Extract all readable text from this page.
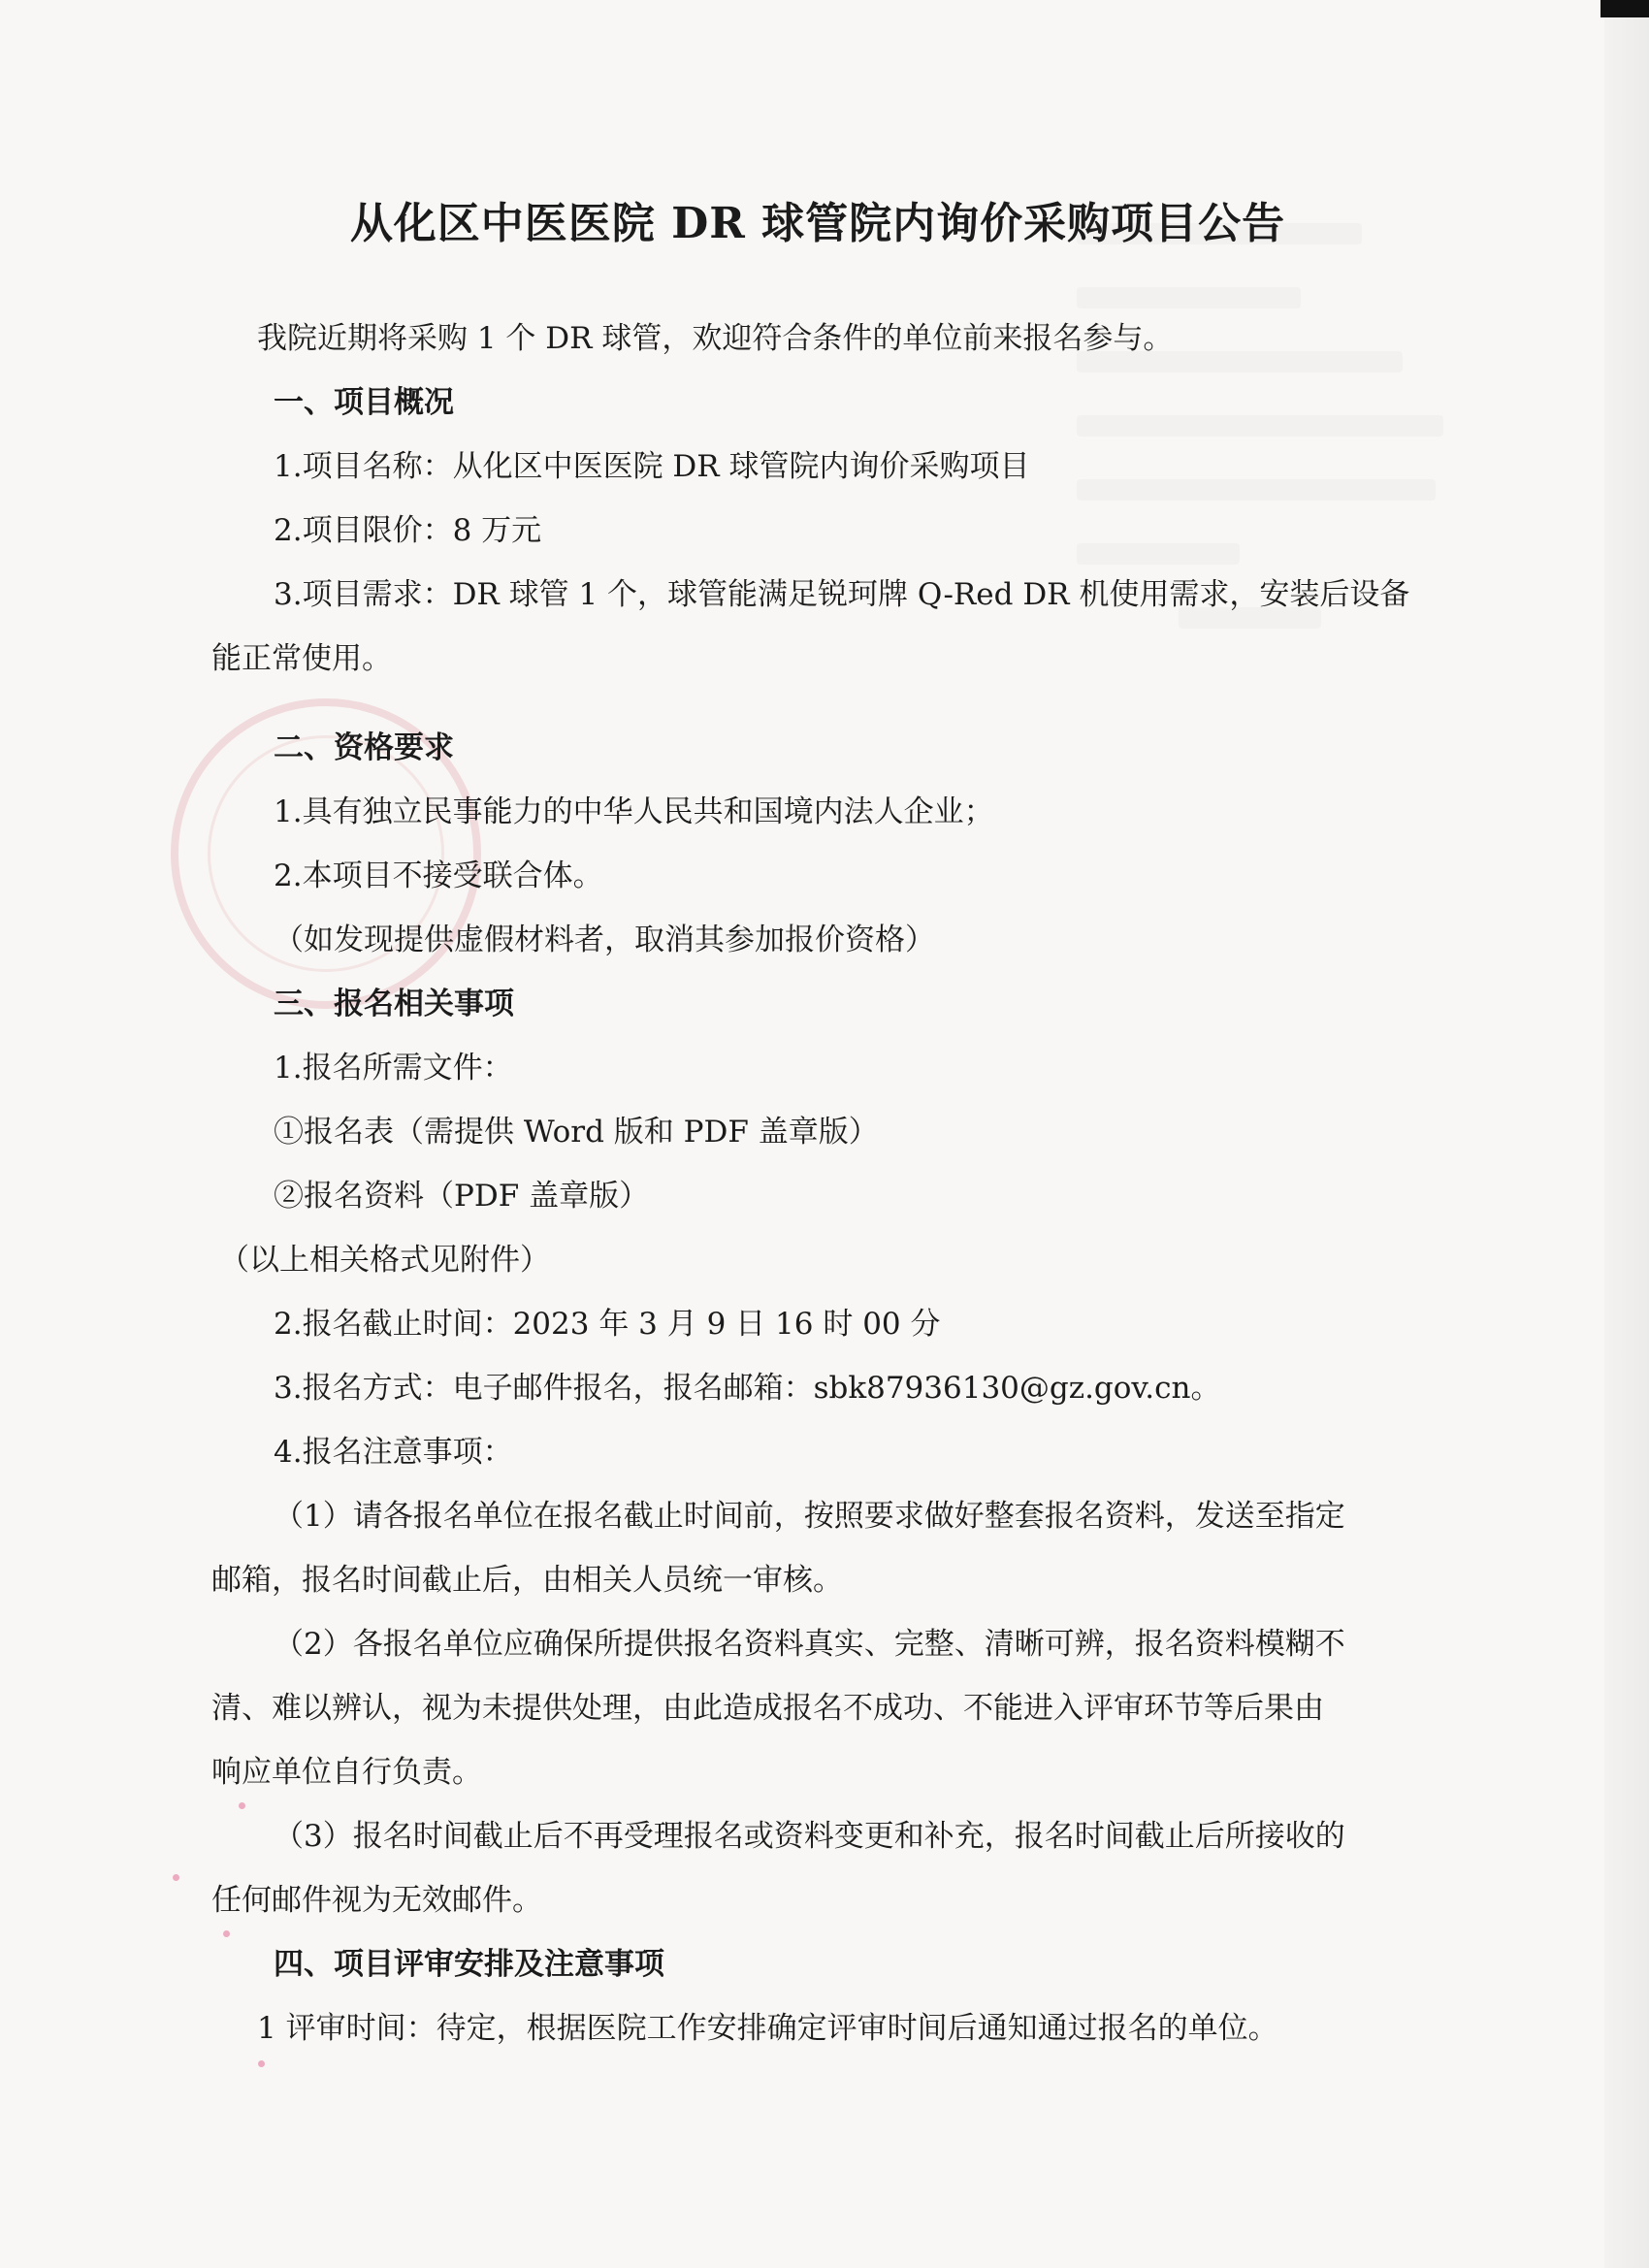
从化区中医医院 DR 球管院内询价采购项目公告

我院近期将采购 1 个 DR 球管，欢迎符合条件的单位前来报名参与。

一、项目概况

1.项目名称：从化区中医医院 DR 球管院内询价采购项目

2.项目限价：8 万元

3.项目需求：DR 球管 1 个，球管能满足锐珂牌 Q-Red DR 机使用需求，安装后设备

能正常使用。

二、资格要求

1.具有独立民事能力的中华人民共和国境内法人企业；

2.本项目不接受联合体。

（如发现提供虚假材料者，取消其参加报价资格）

三、报名相关事项

1.报名所需文件：

①报名表（需提供 Word 版和 PDF 盖章版）

②报名资料（PDF 盖章版）

（以上相关格式见附件）

2.报名截止时间：2023 年 3 月 9 日 16 时 00 分

3.报名方式：电子邮件报名，报名邮箱：sbk87936130@gz.gov.cn。

4.报名注意事项：

（1）请各报名单位在报名截止时间前，按照要求做好整套报名资料，发送至指定

邮箱，报名时间截止后，由相关人员统一审核。

（2）各报名单位应确保所提供报名资料真实、完整、清晰可辨，报名资料模糊不

清、难以辨认，视为未提供处理，由此造成报名不成功、不能进入评审环节等后果由

响应单位自行负责。

（3）报名时间截止后不再受理报名或资料变更和补充，报名时间截止后所接收的

任何邮件视为无效邮件。

四、项目评审安排及注意事项

1 评审时间：待定，根据医院工作安排确定评审时间后通知通过报名的单位。
